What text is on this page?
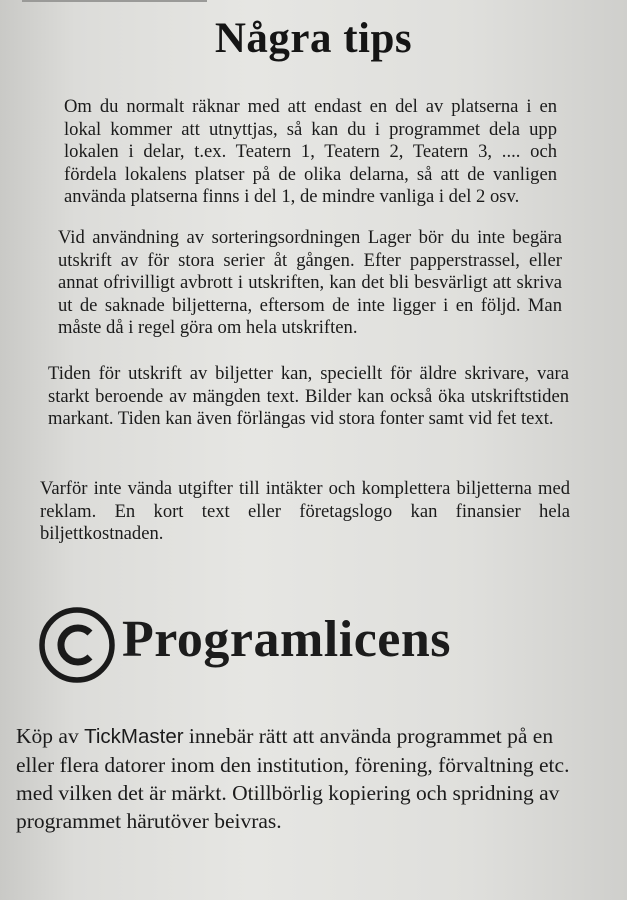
Några tips

Om du normalt räknar med att endast en del av platserna i en lokal kommer att utnyttjas, så kan du i programmet dela upp lokalen i delar, t.ex. Teatern 1, Teatern 2, Teatern 3, .... och fördela lokalens platser på de olika delarna, så att de vanligen använda platserna finns i del 1, de mindre vanliga i del 2 osv.

Vid användning av sorteringsordningen Lager bör du inte begära utskrift av för stora serier åt gången. Efter papperstrassel, eller annat ofrivilligt avbrott i utskriften, kan det bli besvärligt att skriva ut de saknade biljetterna, eftersom de inte ligger i en följd. Man måste då i regel göra om hela utskriften.

Tiden för utskrift av biljetter kan, speciellt för äldre skrivare, vara starkt beroende av mängden text. Bilder kan också öka utskriftstiden markant. Tiden kan även förlängas vid stora fonter samt vid fet text.

Varför inte vända utgifter till intäkter och komplettera biljetterna med reklam. En kort text eller företagslogo kan finansier hela biljettkostnaden.

Programlicens

Köp av TickMaster innebär rätt att använda programmet på en eller flera datorer inom den institution, förening, förvaltning etc. med vilken det är märkt. Otillbörlig kopiering och spridning av programmet härutöver beivras.
